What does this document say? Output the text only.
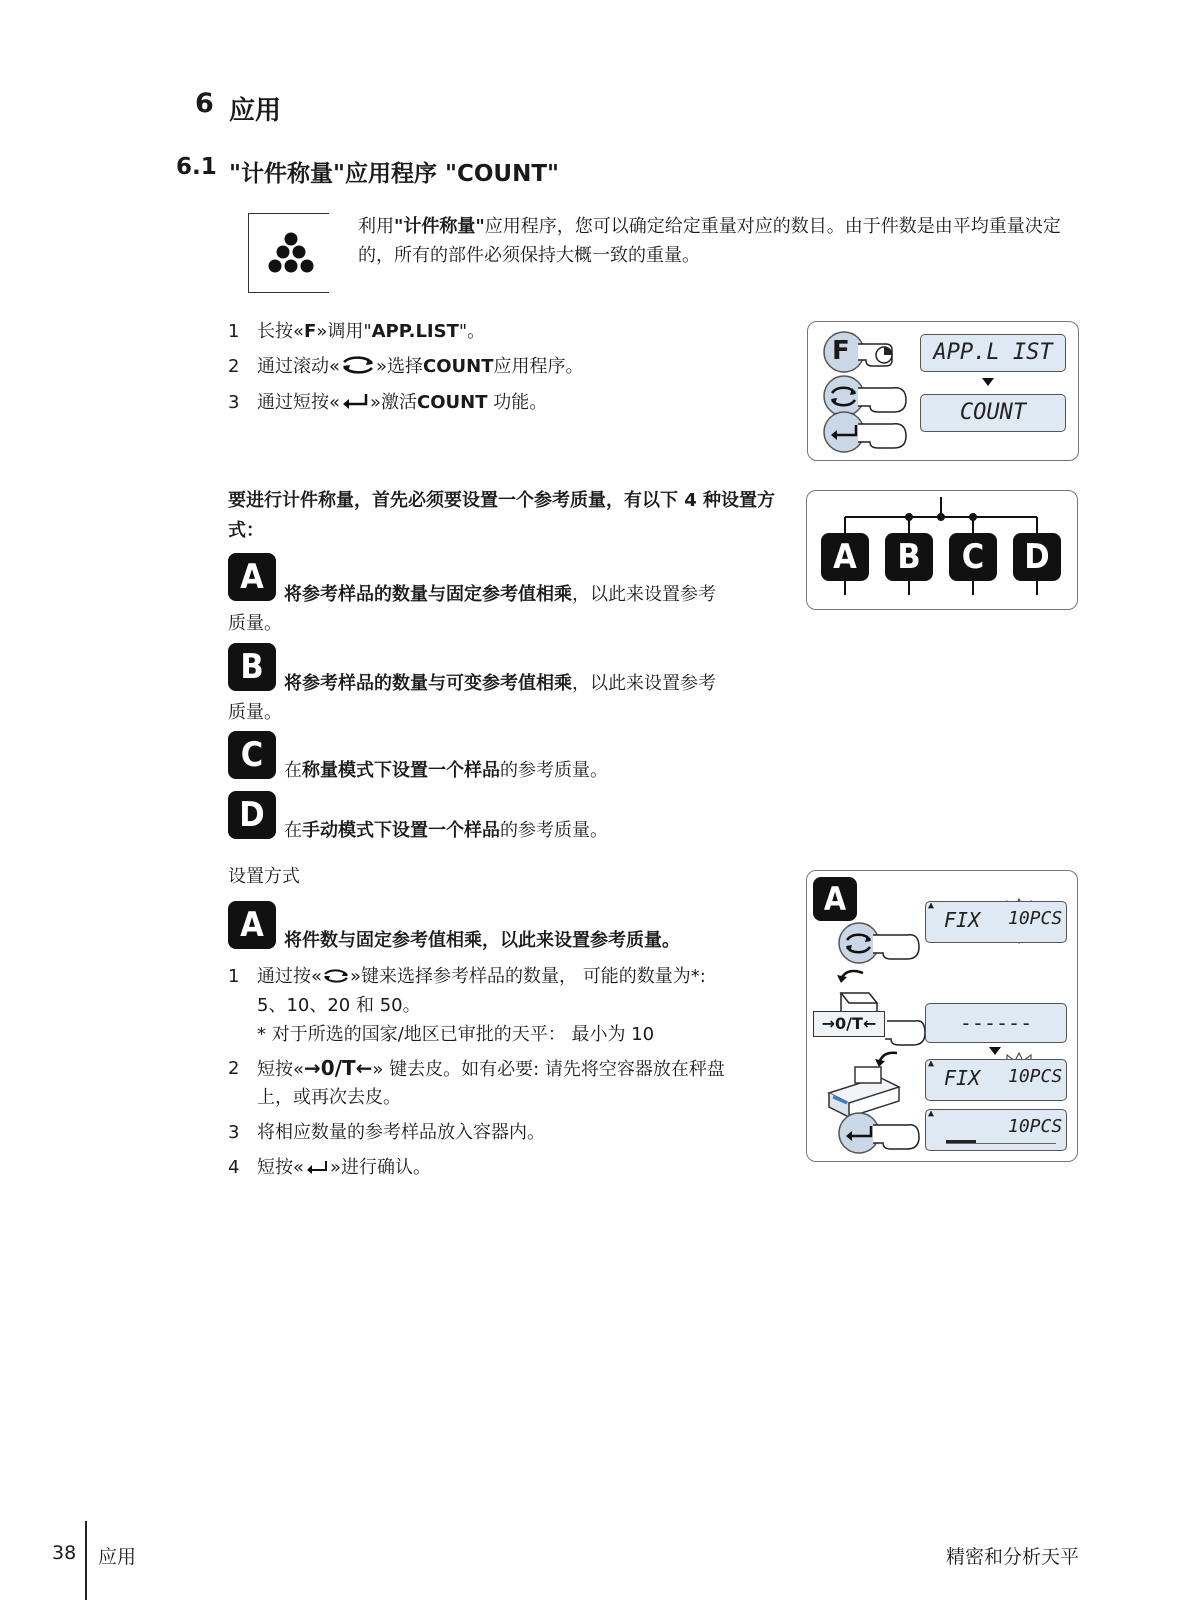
6 应用
6.1 "计件称量"应用程序 "COUNT"
利用"计件称量"应用程序，您可以确定给定重量对应的数目。由于件数是由平均重量决定的，所有的部件必须保持大概一致的重量。
1 长按«F»调用"APP.LIST"。
2 通过滚动« »选择COUNT应用程序。
3 通过短按« »激活COUNT 功能。
F	APP.L IST
COUNT
要进行计件称量，首先必须要设置一个参考质量，有以下 4 种设置方式：
A	B	C	D
A	将参考样品的数量与固定参考值相乘，以此来设置参考
质量。
B	将参考样品的数量与可变参考值相乘，以此来设置参考
质量。
C	在称量模式下设置一个样品的参考质量。
D	在手动模式下设置一个样品的参考质量。
设置方式
A	将件数与固定参考值相乘，以此来设置参考质量。
1 通过按« »键来选择参考样品的数量， 可能的数量为*:
5、10、20 和 50。
* 对于所选的国家/地区已审批的天平： 最小为 10
2 短按«→0/T←» 键去皮。如有必要: 请先将空容器放在秤盘
上，或再次去皮。
3 将相应数量的参考样品放入容器内。
4 短按« »进行确认。
A	▲
FIX 10PCS
→0/T←	------
▲
FIX 10PCS
▲
10PCS
38 应用	精密和分析天平
